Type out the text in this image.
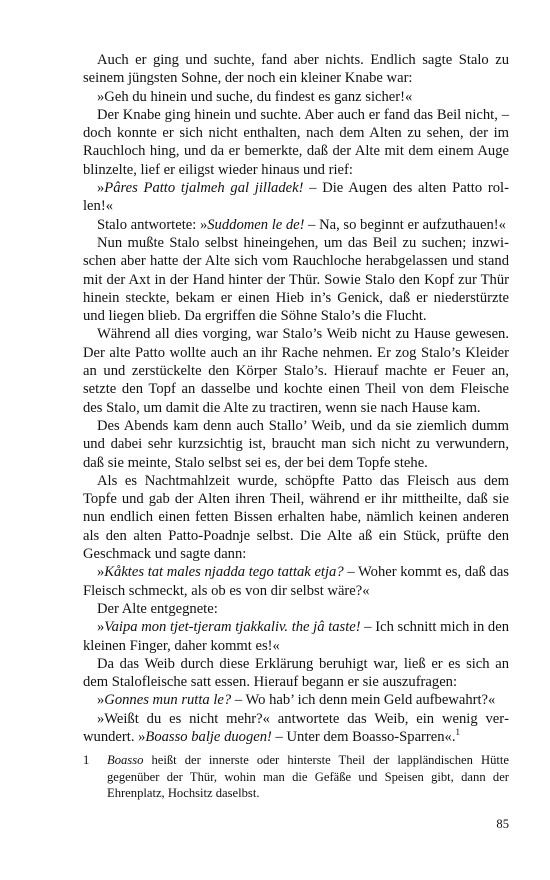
Auch er ging und suchte, fand aber nichts. Endlich sagte Stalo zu seinem jüngsten Sohne, der noch ein kleiner Knabe war:

»Geh du hinein und suche, du findest es ganz sicher!«

Der Knabe ging hinein und suchte. Aber auch er fand das Beil nicht, – doch konnte er sich nicht enthalten, nach dem Alten zu sehen, der im Rauchloch hing, und da er bemerkte, daß der Alte mit dem einem Auge blinzelte, lief er eiligst wieder hinaus und rief:

»Pâres Patto tjalmeh gal jilladek! – Die Augen des alten Patto rollen!«

Stalo antwortete: »Suddomen le de! – Na, so beginnt er aufzuthauen!«

Nun mußte Stalo selbst hineingehen, um das Beil zu suchen; inzwischen aber hatte der Alte sich vom Rauchloche herabgelassen und stand mit der Axt in der Hand hinter der Thür. Sowie Stalo den Kopf zur Thür hinein steckte, bekam er einen Hieb in’s Genick, daß er niederstürzte und liegen blieb. Da ergriffen die Söhne Stalo’s die Flucht.

Während all dies vorging, war Stalo’s Weib nicht zu Hause gewesen. Der alte Patto wollte auch an ihr Rache nehmen. Er zog Stalo’s Kleider an und zerstückelte den Körper Stalo’s. Hierauf machte er Feuer an, setzte den Topf an dasselbe und kochte einen Theil von dem Fleische des Stalo, um damit die Alte zu tractiren, wenn sie nach Hause kam.

Des Abends kam denn auch Stallo’ Weib, und da sie ziemlich dumm und dabei sehr kurzsichtig ist, braucht man sich nicht zu verwundern, daß sie meinte, Stalo selbst sei es, der bei dem Topfe stehe.

Als es Nachtmahlzeit wurde, schöpfte Patto das Fleisch aus dem Topfe und gab der Alten ihren Theil, während er ihr mittheilte, daß sie nun endlich einen fetten Bissen erhalten habe, nämlich keinen anderen als den alten Patto-Poadnje selbst. Die Alte aß ein Stück, prüfte den Geschmack und sagte dann:

»Kåktes tat males njadda tego tattak etja? – Woher kommt es, daß das Fleisch schmeckt, als ob es von dir selbst wäre?«

Der Alte entgegnete:

»Vaipa mon tjet-tjeram tjakkaliv. the jâ taste! – Ich schnitt mich in den kleinen Finger, daher kommt es!«

Da das Weib durch diese Erklärung beruhigt war, ließ er es sich an dem Stalofleische satt essen. Hierauf begann er sie auszufragen:

»Gonnes mun rutta le? – Wo hab’ ich denn mein Geld aufbewahrt?«

»Weißt du es nicht mehr?« antwortete das Weib, ein wenig verwundert. »Boasso balje duogen! – Unter dem Boasso-Sparren«.$^1$

1	Boasso heißt der innerste oder hinterste Theil der lappländischen Hütte gegenüber der Thür, wohin man die Gefäße und Speisen gibt, dann der Ehrenplatz, Hochsitz daselbst.
85
